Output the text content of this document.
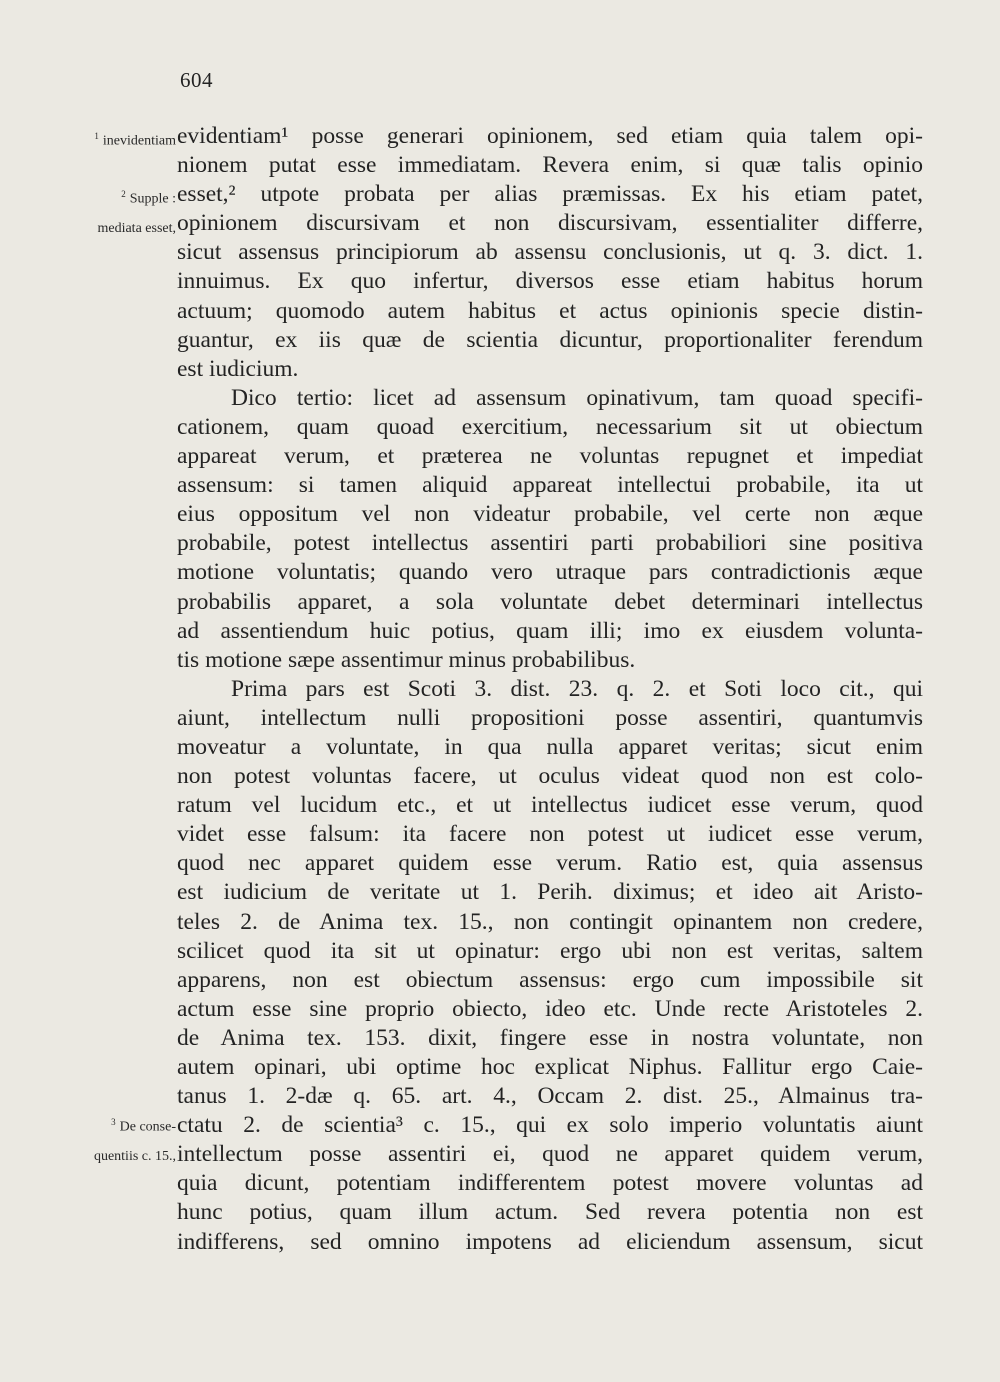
604
$^1$ inevidentiam
$^2$ Supple :
mediata esset,
$^3$ De conse-
quentiis c. 15.,
evidentiam¹ posse generari opinionem, sed etiam quia talem opi-
nionem putat esse immediatam. Revera enim, si quæ talis opinio
esset,² utpote probata per alias præmissas. Ex his etiam patet,
opinionem discursivam et non discursivam, essentialiter differre,
sicut assensus principiorum ab assensu conclusionis, ut q. 3. dict. 1.
innuimus. Ex quo infertur, diversos esse etiam habitus horum
actuum; quomodo autem habitus et actus opinionis specie distin-
guantur, ex iis quæ de scientia dicuntur, proportionaliter ferendum
est iudicium.
Dico tertio: licet ad assensum opinativum, tam quoad specifi-
cationem, quam quoad exercitium, necessarium sit ut obiectum
appareat verum, et præterea ne voluntas repugnet et impediat
assensum: si tamen aliquid appareat intellectui probabile, ita ut
eius oppositum vel non videatur probabile, vel certe non æque
probabile, potest intellectus assentiri parti probabiliori sine positiva
motione voluntatis; quando vero utraque pars contradictionis æque
probabilis apparet, a sola voluntate debet determinari intellectus
ad assentiendum huic potius, quam illi; imo ex eiusdem volunta-
tis motione sæpe assentimur minus probabilibus.
Prima pars est Scoti 3. dist. 23. q. 2. et Soti loco cit., qui
aiunt, intellectum nulli propositioni posse assentiri, quantumvis
moveatur a voluntate, in qua nulla apparet veritas; sicut enim
non potest voluntas facere, ut oculus videat quod non est colo-
ratum vel lucidum etc., et ut intellectus iudicet esse verum, quod
videt esse falsum: ita facere non potest ut iudicet esse verum,
quod nec apparet quidem esse verum. Ratio est, quia assensus
est iudicium de veritate ut 1. Perih. diximus; et ideo ait Aristo-
teles 2. de Anima tex. 15., non contingit opinantem non credere,
scilicet quod ita sit ut opinatur: ergo ubi non est veritas, saltem
apparens, non est obiectum assensus: ergo cum impossibile sit
actum esse sine proprio obiecto, ideo etc. Unde recte Aristoteles 2.
de Anima tex. 153. dixit, fingere esse in nostra voluntate, non
autem opinari, ubi optime hoc explicat Niphus. Fallitur ergo Caie-
tanus 1. 2-dæ q. 65. art. 4., Occam 2. dist. 25., Almainus tra-
ctatu 2. de scientia³ c. 15., qui ex solo imperio voluntatis aiunt
intellectum posse assentiri ei, quod ne apparet quidem verum,
quia dicunt, potentiam indifferentem potest movere voluntas ad
hunc potius, quam illum actum. Sed revera potentia non est
indifferens, sed omnino impotens ad eliciendum assensum, sicut
